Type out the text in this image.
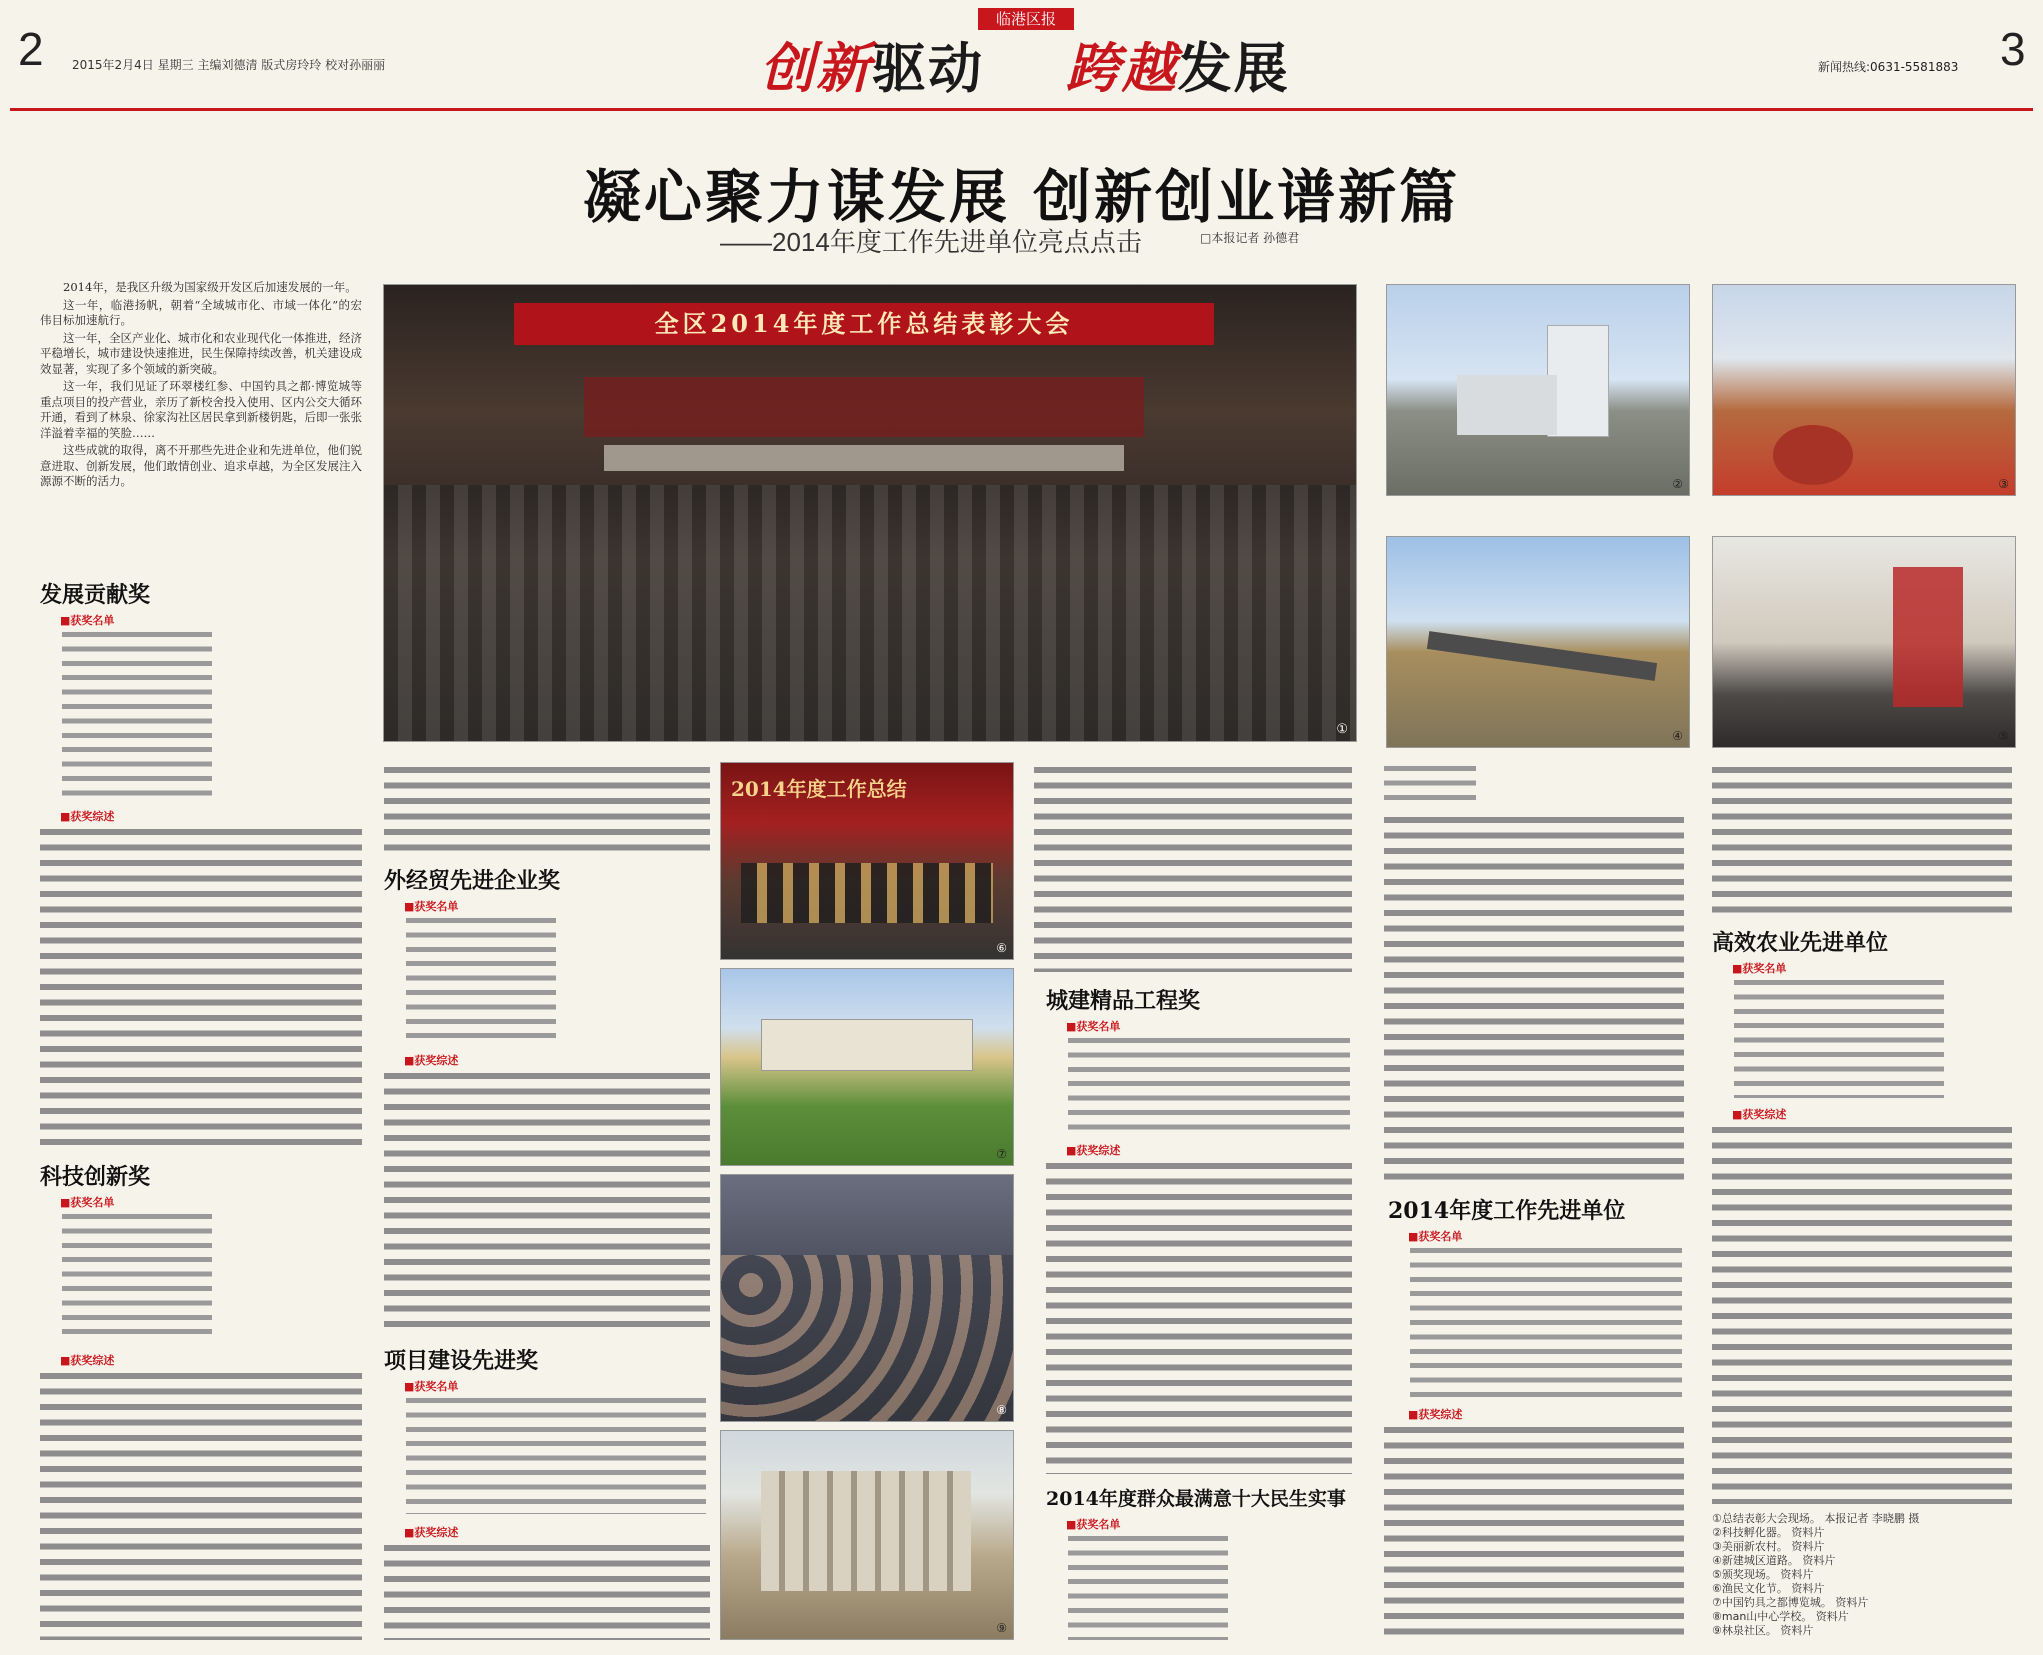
2 2015年2月4日 星期三 主编刘德清 版式房玲玲 校对孙丽丽
临港区报
创新驱动 跨越发展	新闻热线:0631-5581883 3
凝心聚力谋发展 创新创业谱新篇
——2014年度工作先进单位亮点点击	□本报记者 孙德君

2014年，是我区升级为国家级开发区后加速发展的一年。

这一年，临港扬帆，朝着“全域城市化、市域一体化”的宏伟目标加速航行。

这一年，全区产业化、城市化和农业现代化一体推进，经济平稳增长，城市建设快速推进，民生保障持续改善，机关建设成效显著，实现了多个领域的新突破。

这一年，我们见证了环翠楼红参、中国钓具之都·博览城等重点项目的投产营业，亲历了新校舍投入使用、区内公交大循环开通，看到了林泉、徐家沟社区居民拿到新楼钥匙，后即一张张洋溢着幸福的笑脸……

这些成就的取得，离不开那些先进企业和先进单位，他们锐意进取、创新发展，他们敢情创业、追求卓越，为全区发展注入源源不断的活力。

发展贡献奖
■获奖名单
■获奖综述
科技创新奖
■获奖名单
■获奖综述
全区2014年度工作总结表彰大会
①
②	③
④	⑤
外经贸先进企业奖
■获奖名单
■获奖综述
项目建设先进奖
■获奖名单
■获奖综述
2014年度工作总结
⑥
⑦
⑧
⑨
城建精品工程奖
■获奖名单
■获奖综述
2014年度群众最满意十大民生实事
■获奖名单
2014年度工作先进单位
■获奖名单
■获奖综述
高效农业先进单位
■获奖名单
■获奖综述
①总结表彰大会现场。 本报记者 李晓鹏 摄
②科技孵化器。 资料片
③美丽新农村。 资料片
④新建城区道路。 资料片
⑤颁奖现场。 资料片
⑥渔民文化节。 资料片
⑦中国钓具之都博览城。 资料片
⑧man山中心学校。 资料片
⑨林泉社区。 资料片
